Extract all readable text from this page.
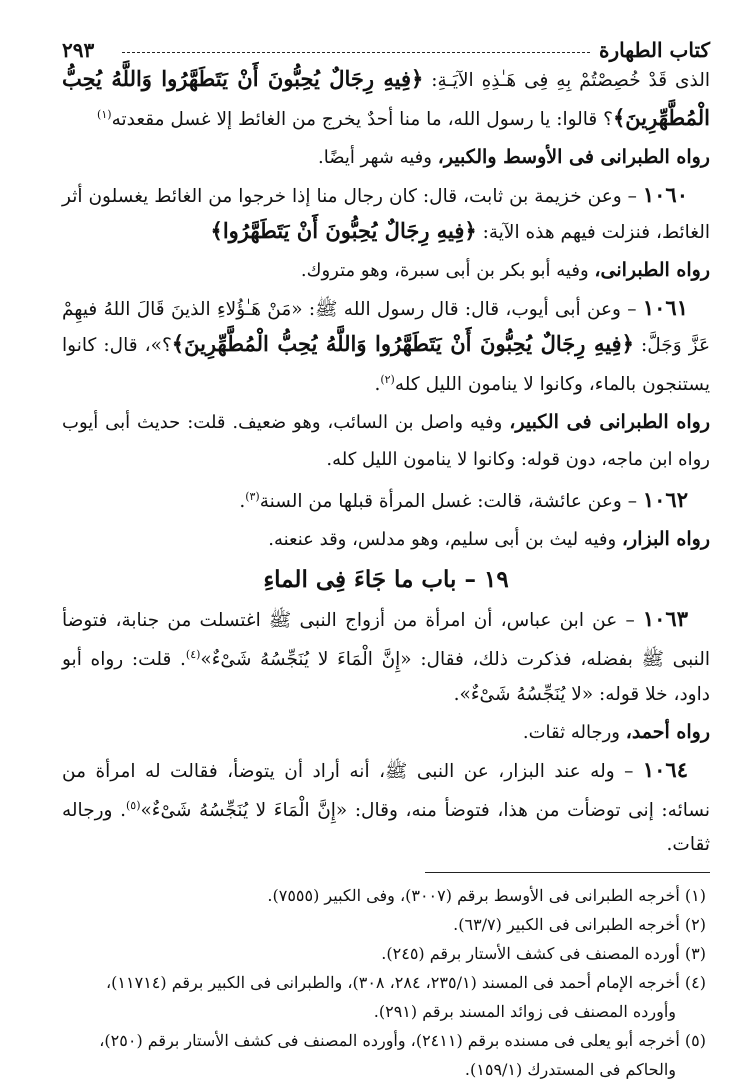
كتاب الطهارة
٢٩٣

الذى قَدْ خُصِصْتُمْ بِهِ فِى هَـٰذِهِ الآيَـةِ: ﴿فِيهِ رِجَالٌ يُحِبُّونَ أَنْ يَتَطَهَّرُوا وَاللَّهُ يُحِبُّ الْمُطَّهِّرِينَ﴾؟ قالوا: يا رسول الله، ما منا أحدٌ يخرج من الغائط إلا غسل مقعدته$^{(١)}$

رواه الطبرانى فى الأوسط والكبير، وفيه شهر أيضًا.

١٠٦٠ – وعن خزيمة بن ثابت، قال: كان رجال منا إذا خرجوا من الغائط يغسلون أثر الغائط، فنزلت فيهم هذه الآية: ﴿فِيهِ رِجَالٌ يُحِبُّونَ أَنْ يَتَطَهَّرُوا﴾

رواه الطبرانى، وفيه أبو بكر بن أبى سبرة، وهو متروك.

١٠٦١ – وعن أبى أيوب، قال: قال رسول الله ﷺ: «مَنْ هَـٰؤُلاءِ الذينَ قَالَ اللهُ فيهِمْ عَزَّ وَجَلَّ: ﴿فِيهِ رِجَالٌ يُحِبُّونَ أَنْ يَتَطَهَّرُوا وَاللَّهُ يُحِبُّ الْمُطَّهِّرِينَ﴾؟»، قال: كانوا يستنجون بالماء، وكانوا لا ينامون الليل كله$^{(٢)}$.

رواه الطبرانى فى الكبير، وفيه واصل بن السائب، وهو ضعيف. قلت: حديث أبى أيوب رواه ابن ماجه، دون قوله: وكانوا لا ينامون الليل كله.

١٠٦٢ – وعن عائشة، قالت: غسل المرأة قبلها من السنة$^{(٣)}$.

رواه البزار، وفيه ليث بن أبى سليم، وهو مدلس، وقد عنعنه.

١٩ – باب ما جَاءَ فِى الماءِ

١٠٦٣ – عن ابن عباس، أن امرأة من أزواج النبى ﷺ اغتسلت من جنابة، فتوضأ النبى ﷺ بفضله، فذكرت ذلك، فقال: «إِنَّ الْمَاءَ لا يُنَجِّسُهُ شَىْءٌ»$^{(٤)}$. قلت: رواه أبو داود، خلا قوله: «لا يُنَجِّسُهُ شَىْءٌ».

رواه أحمد، ورجاله ثقات.

١٠٦٤ – وله عند البزار، عن النبى ﷺ، أنه أراد أن يتوضأ، فقالت له امرأة من نسائه: إنى توضأت من هذا، فتوضأ منه، وقال: «إِنَّ الْمَاءَ لا يُنَجِّسُهُ شَىْءٌ»$^{(٥)}$. ورجاله ثقات.

(١) أخرجه الطبرانى فى الأوسط برقم (٣٠٠٧)، وفى الكبير (٧٥٥٥).

(٢) أخرجه الطبرانى فى الكبير (٦٣/٧).

(٣) أورده المصنف فى كشف الأستار برقم (٢٤٥).

(٤) أخرجه الإمام أحمد فى المسند (٢٣٥/١، ٢٨٤، ٣٠٨)، والطبرانى فى الكبير برقم (١١٧١٤)،

وأورده المصنف فى زوائد المسند برقم (٢٩١).

(٥) أخرجه أبو يعلى فى مسنده برقم (٢٤١١)، وأورده المصنف فى كشف الأستار برقم (٢٥٠)،

والحاكم فى المستدرك (١٥٩/١).
